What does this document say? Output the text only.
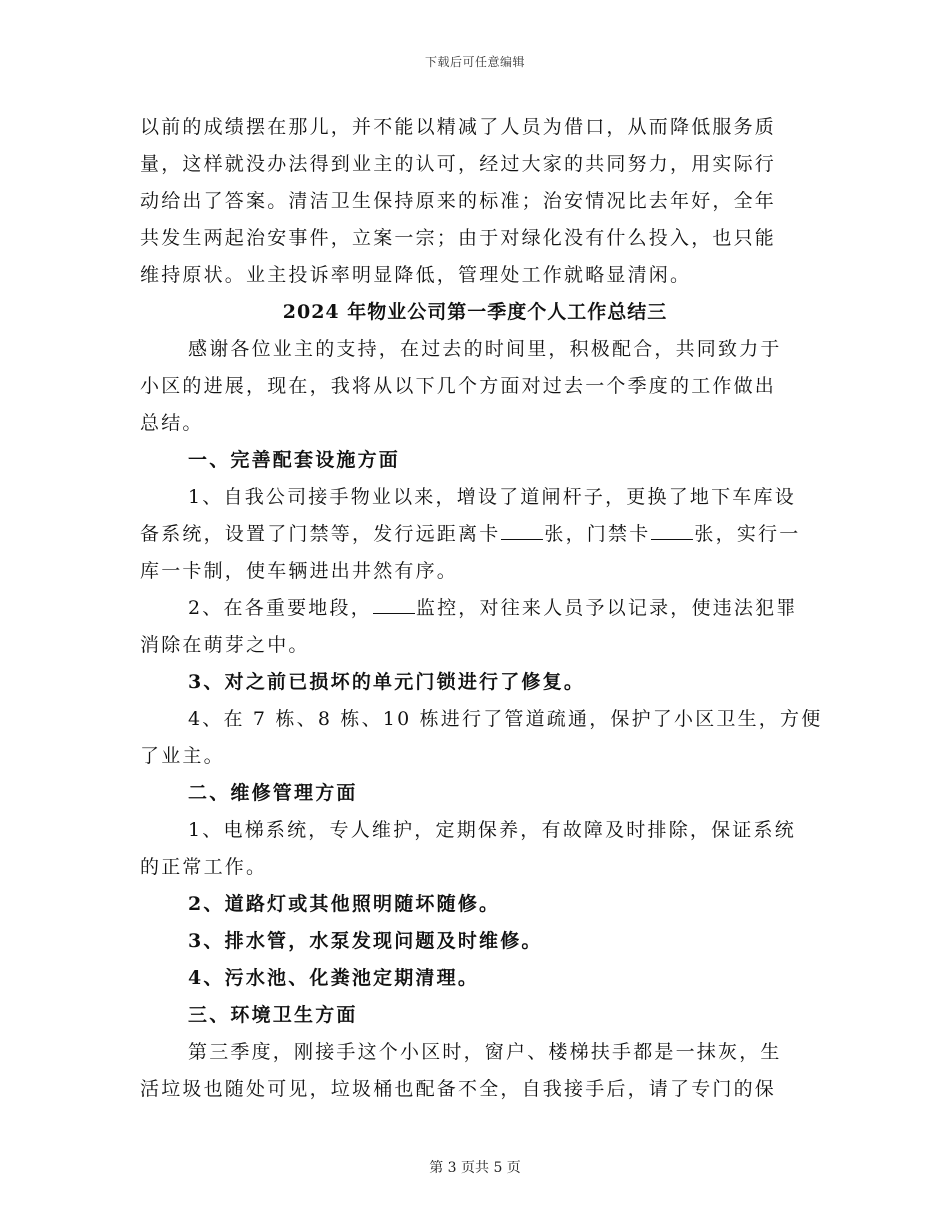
下载后可任意编辑
以前的成绩摆在那儿，并不能以精减了人员为借口，从而降低服务质
量，这样就没办法得到业主的认可，经过大家的共同努力，用实际行
动给出了答案。清洁卫生保持原来的标准；治安情况比去年好，全年
共发生两起治安事件，立案一宗；由于对绿化没有什么投入，也只能
维持原状。业主投诉率明显降低，管理处工作就略显清闲。
2024 年物业公司第一季度个人工作总结三
感谢各位业主的支持，在过去的时间里，积极配合，共同致力于
小区的进展，现在，我将从以下几个方面对过去一个季度的工作做出
总结。
一、完善配套设施方面
1、自我公司接手物业以来，增设了道闸杆子，更换了地下车库设
备系统，设置了门禁等，发行远距离卡 张，门禁卡 张，实行一
库一卡制，使车辆进出井然有序。
2、在各重要地段， 监控，对往来人员予以记录，使违法犯罪
消除在萌芽之中。
3、对之前已损坏的单元门锁进行了修复。
4、在 7 栋、8 栋、10 栋进行了管道疏通，保护了小区卫生，方便
了业主。
二、维修管理方面
1、电梯系统，专人维护，定期保养，有故障及时排除，保证系统
的正常工作。
2、道路灯或其他照明随坏随修。
3、排水管，水泵发现问题及时维修。
4、污水池、化粪池定期清理。
三、环境卫生方面
第三季度，刚接手这个小区时，窗户、楼梯扶手都是一抹灰，生
活垃圾也随处可见，垃圾桶也配备不全，自我接手后，请了专门的保
第 3 页共 5 页
